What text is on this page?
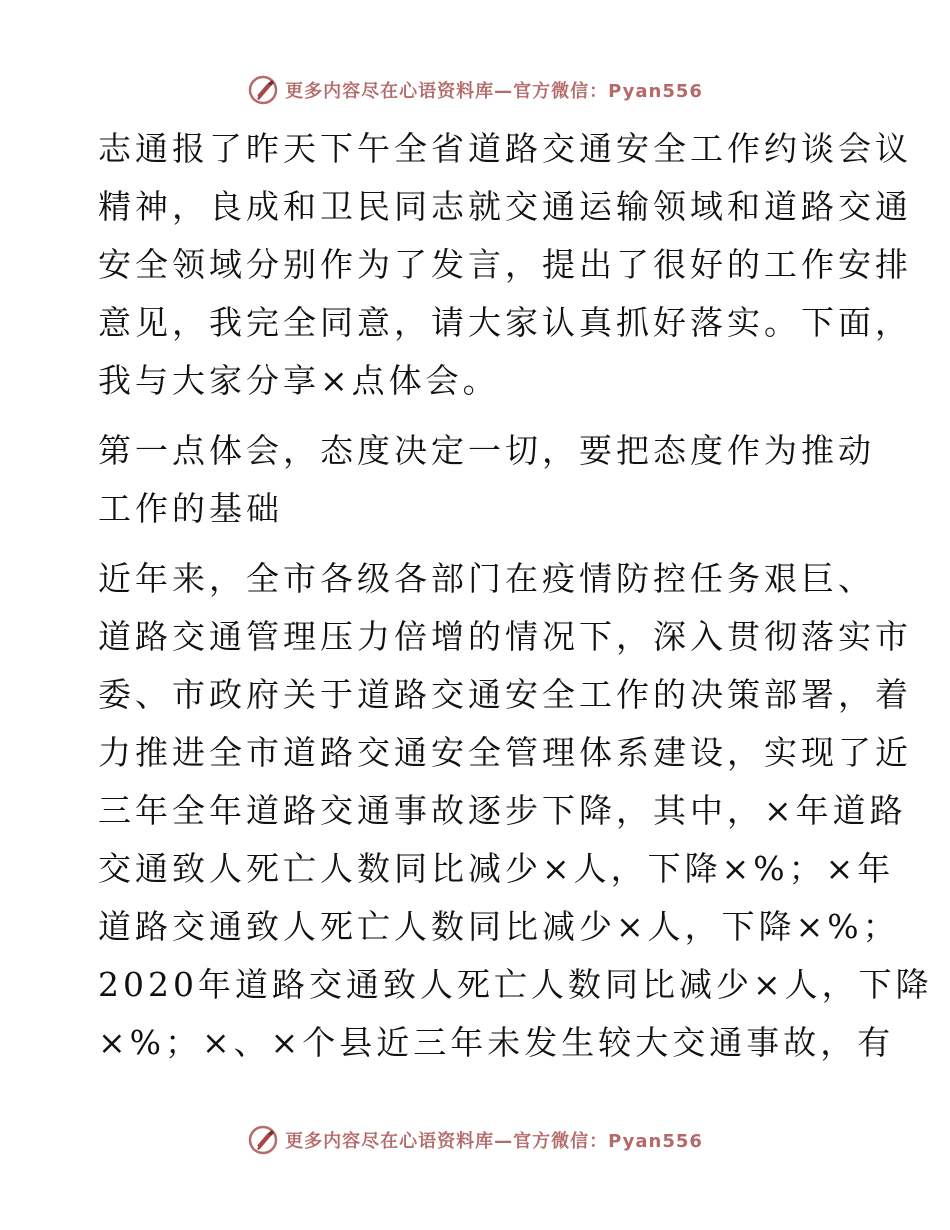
更多内容尽在心语资料库—官方微信：Pyan556
志通报了昨天下午全省道路交通安全工作约谈会议
精神，良成和卫民同志就交通运输领域和道路交通
安全领域分别作为了发言，提出了很好的工作安排
意见，我完全同意，请大家认真抓好落实。下面，
我与大家分享×点体会。
第一点体会，态度决定一切，要把态度作为推动
工作的基础
近年来，全市各级各部门在疫情防控任务艰巨、
道路交通管理压力倍增的情况下，深入贯彻落实市
委、市政府关于道路交通安全工作的决策部署，着
力推进全市道路交通安全管理体系建设，实现了近
三年全年道路交通事故逐步下降，其中，×年道路
交通致人死亡人数同比减少×人，下降×%；×年
道路交通致人死亡人数同比减少×人，下降×%；
2020年道路交通致人死亡人数同比减少×人，下降
×%；×、×个县近三年未发生较大交通事故，有
更多内容尽在心语资料库—官方微信：Pyan556
